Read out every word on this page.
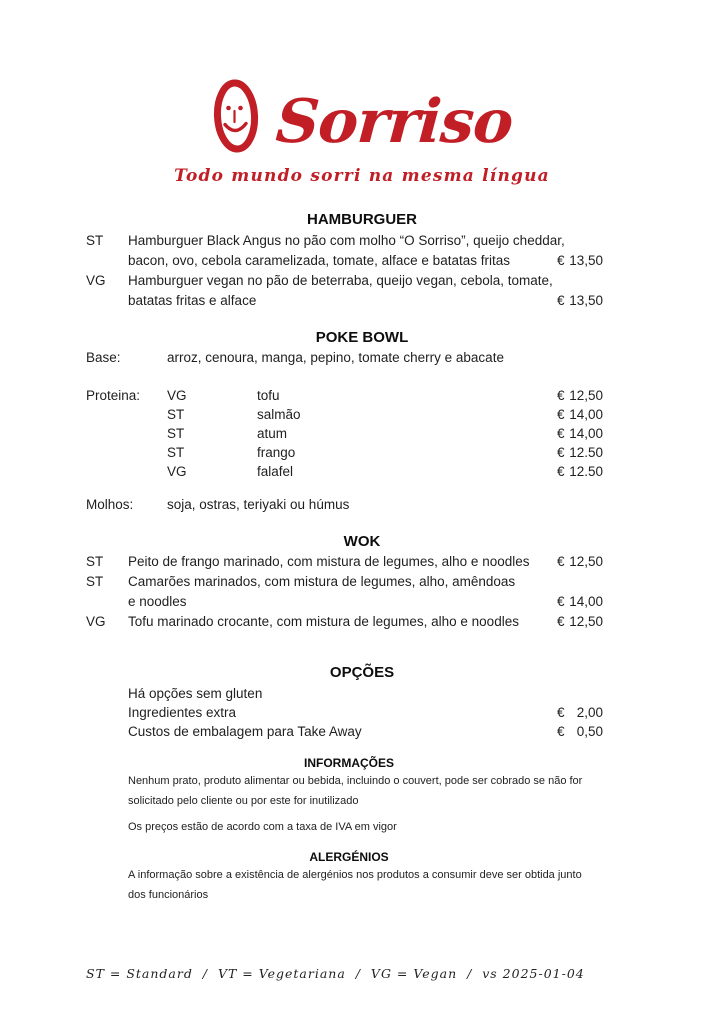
Sorriso
Todo mundo sorri na mesma língua
HAMBURGUER
ST	Hamburguer Black Angus no pão com molho “O Sorriso”, queijo cheddar,
bacon, ovo, cebola caramelizada, tomate, alface e batatas fritas	€ 13,50
VG	Hamburguer vegan no pão de beterraba, queijo vegan, cebola, tomate,
batatas fritas e alface	€ 13,50
POKE BOWL
Base:	arroz, cenoura, manga, pepino, tomate cherry e abacate
Proteina:	VG	tofu	€ 12,50
ST	salmão	€ 14,00
ST	atum	€ 14,00
ST	frango	€ 12.50
VG	falafel	€ 12.50
Molhos:	soja, ostras, teriyaki ou húmus
WOK
ST	Peito de frango marinado, com mistura de legumes, alho e noodles	€ 12,50
ST	Camarões marinados, com mistura de legumes, alho, amêndoas
e noodles	€ 14,00
VG	Tofu marinado crocante, com mistura de legumes, alho e noodles	€ 12,50
OPÇÕES
Há opções sem gluten
Ingredientes extra	€ 2,00
Custos de embalagem para Take Away	€ 0,50
INFORMAÇÕES
Nenhum prato, produto alimentar ou bebida, incluindo o couvert, pode ser cobrado se não for
solicitado pelo cliente ou por este for inutilizado
Os preços estão de acordo com a taxa de IVA em vigor
ALERGÉNIOS
A informação sobre a existência de alergénios nos produtos a consumir deve ser obtida junto
dos funcionários
ST = Standard  /  VT = Vegetariana  /  VG = Vegan  /  vs 2025-01-04
